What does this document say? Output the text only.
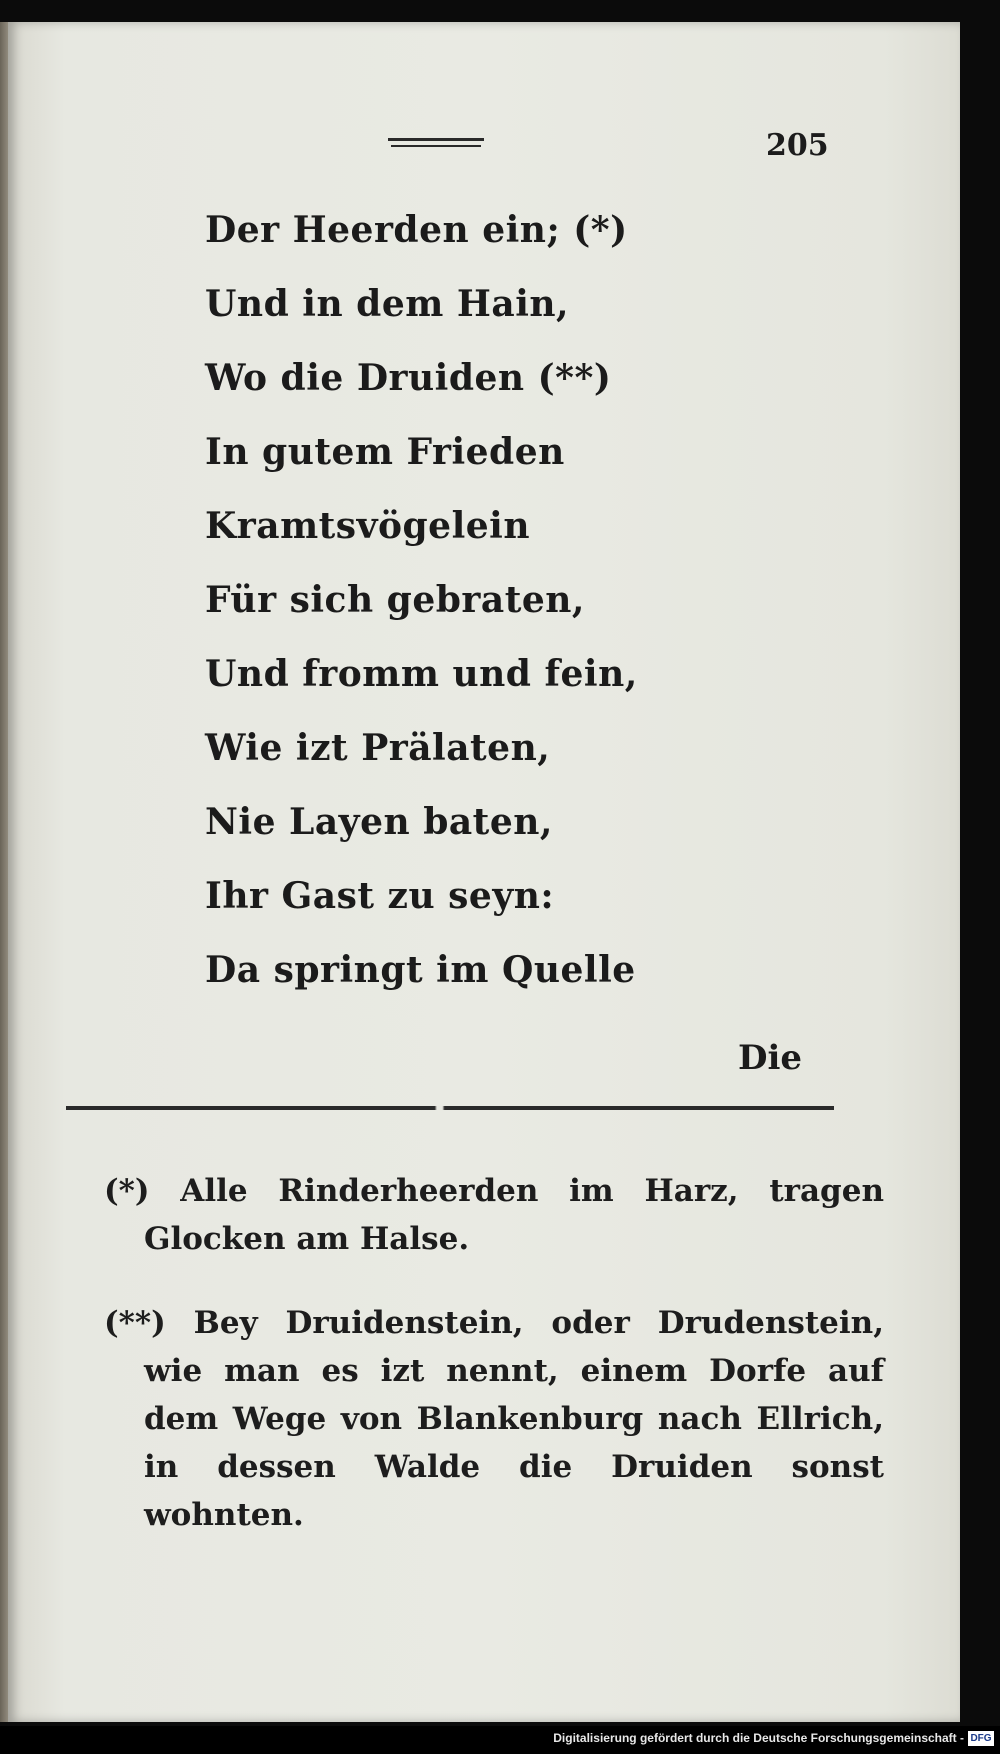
205
Der Heerden ein; (*)
Und in dem Hain,
Wo die Druiden (**)
In gutem Frieden
Kramtsvögelein
Für sich gebraten,
Und fromm und fein,
Wie izt Prälaten,
Nie Layen baten,
Ihr Gast zu seyn:
Da springt im Quelle
Die

(*) Alle Rinderheerden im Harz, tragen Glocken am Halse.

(**) Bey Druidenstein, oder Drudenstein, wie man es izt nennt, einem Dorfe auf dem Wege von Blankenburg nach Ellrich, in dessen Walde die Druiden sonst wohnten.

Digitalisierung gefördert durch die Deutsche Forschungsgemeinschaft - DFG
